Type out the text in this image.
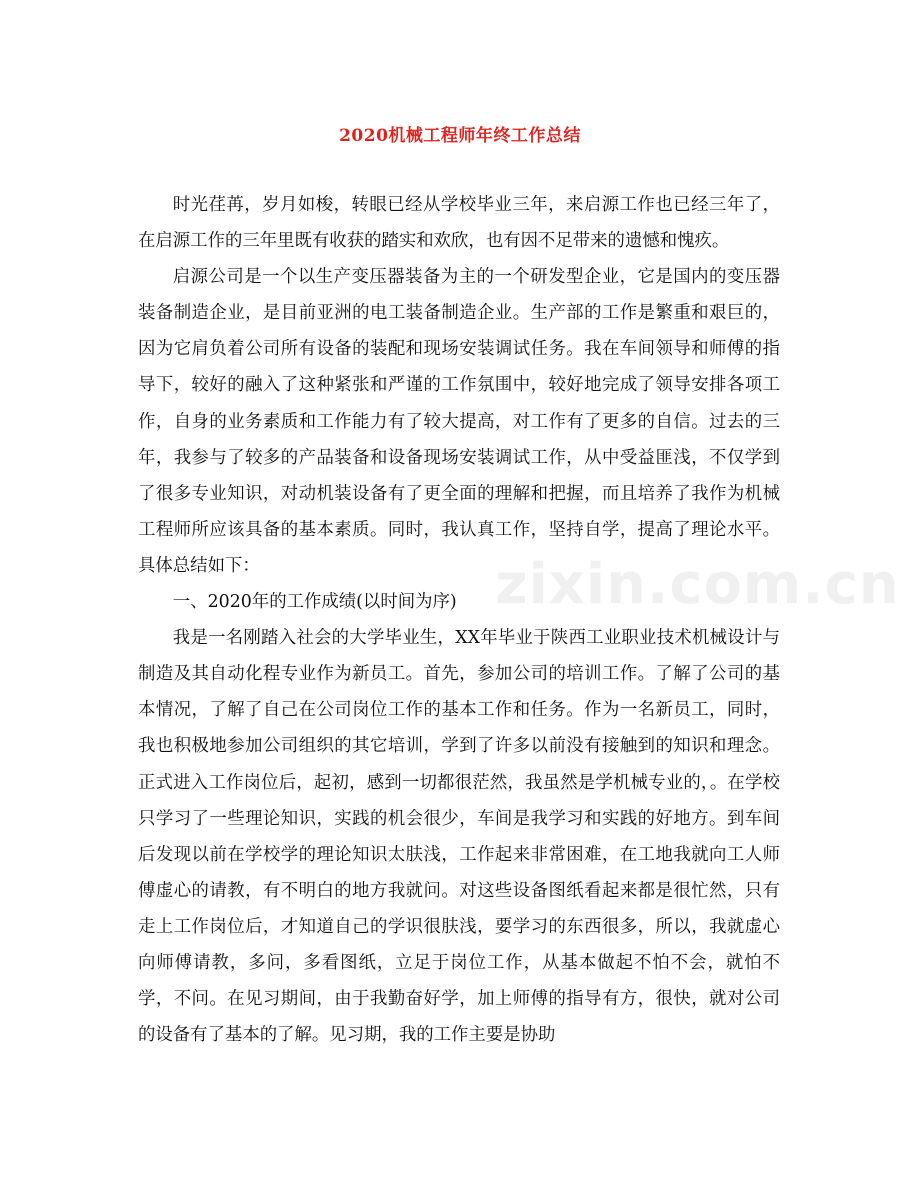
2020机械工程师年终工作总结

时光荏苒，岁月如梭，转眼已经从学校毕业三年，来启源工作也已经三年了，在启源工作的三年里既有收获的踏实和欢欣，也有因不足带来的遗憾和愧疚。

启源公司是一个以生产变压器装备为主的一个研发型企业，它是国内的变压器装备制造企业，是目前亚洲的电工装备制造企业。生产部的工作是繁重和艰巨的，因为它肩负着公司所有设备的装配和现场安装调试任务。我在车间领导和师傅的指导下，较好的融入了这种紧张和严谨的工作氛围中，较好地完成了领导安排各项工作，自身的业务素质和工作能力有了较大提高，对工作有了更多的自信。过去的三年，我参与了较多的产品装备和设备现场安装调试工作，从中受益匪浅，不仅学到了很多专业知识，对动机装设备有了更全面的理解和把握，而且培养了我作为机械工程师所应该具备的基本素质。同时，我认真工作，坚持自学，提高了理论水平。具体总结如下：

一、2020年的工作成绩(以时间为序)

我是一名刚踏入社会的大学毕业生，XX年毕业于陕西工业职业技术机械设计与制造及其自动化程专业作为新员工。首先，参加公司的培训工作。了解了公司的基本情况，了解了自己在公司岗位工作的基本工作和任务。作为一名新员工，同时，我也积极地参加公司组织的其它培训，学到了许多以前没有接触到的知识和理念。正式进入工作岗位后，起初，感到一切都很茫然，我虽然是学机械专业的，。在学校只学习了一些理论知识，实践的机会很少，车间是我学习和实践的好地方。到车间后发现以前在学校学的理论知识太肤浅，工作起来非常困难，在工地我就向工人师傅虚心的请教，有不明白的地方我就问。对这些设备图纸看起来都是很忙然，只有走上工作岗位后，才知道自己的学识很肤浅，要学习的东西很多，所以，我就虚心向师傅请教，多问，多看图纸，立足于岗位工作，从基本做起不怕不会，就怕不学，不问。在见习期间，由于我勤奋好学，加上师傅的指导有方，很快，就对公司的设备有了基本的了解。见习期，我的工作主要是协助

zixin.com.cn
